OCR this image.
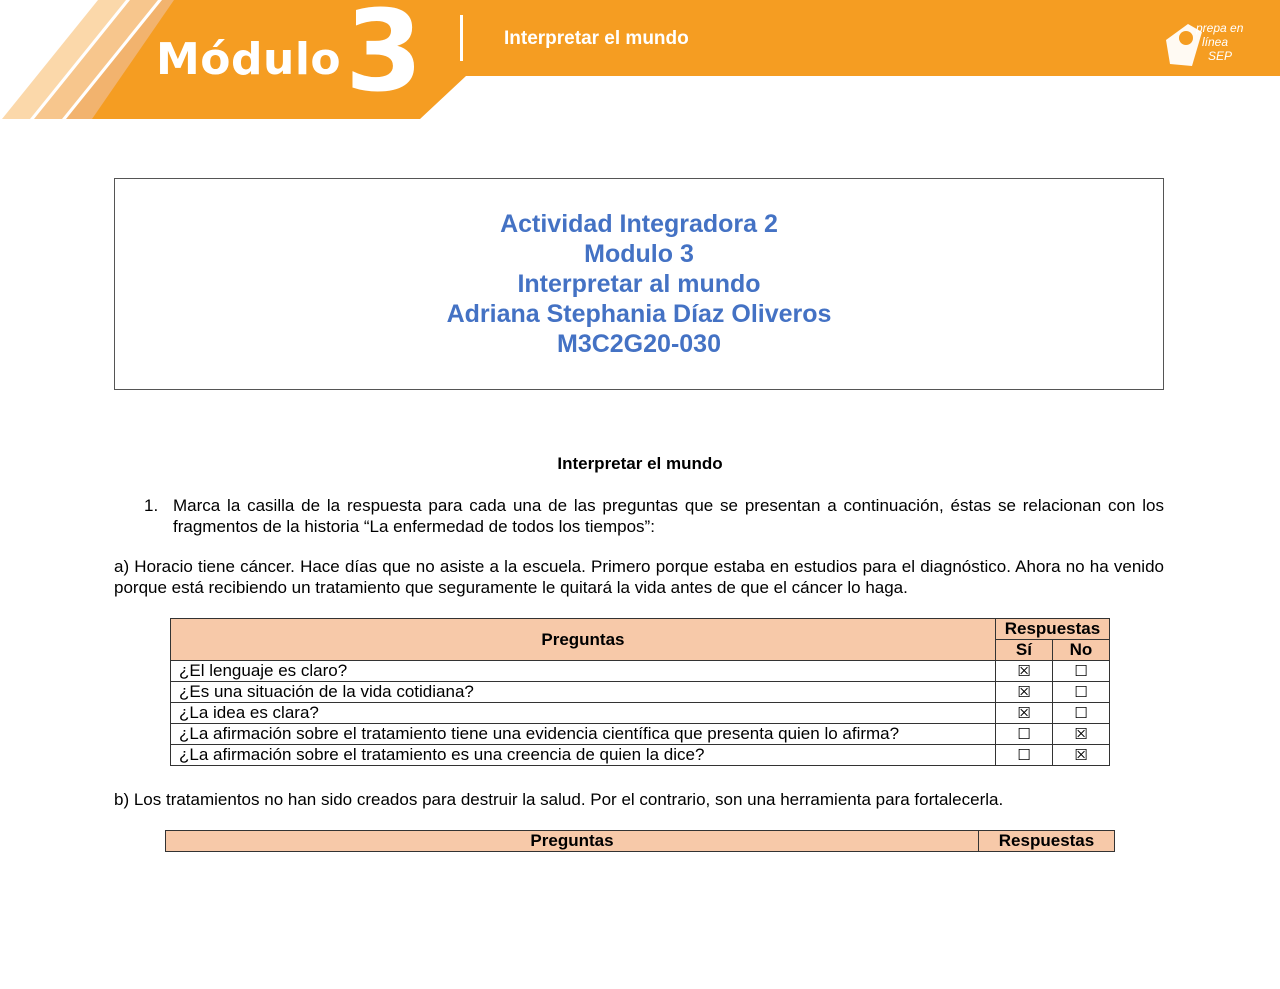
Módulo 3	Interpretar el mundo	prepa en
línea
SEP
Actividad Integradora 2
Modulo 3
Interpretar al mundo
Adriana Stephania Díaz Oliveros
M3C2G20-030
Interpretar el mundo
1. Marca la casilla de la respuesta para cada una de las preguntas que se presentan a continuación, éstas se relacionan con los fragmentos de la historia “La enfermedad de todos los tiempos”:
a) Horacio tiene cáncer. Hace días que no asiste a la escuela. Primero porque estaba en estudios para el diagnóstico. Ahora no ha venido porque está recibiendo un tratamiento que seguramente le quitará la vida antes de que el cáncer lo haga.
Preguntas	Respuestas	
	Sí	No
¿El lenguaje es claro?	☒	☐
¿Es una situación de la vida cotidiana?	☒	☐
¿La idea es clara?	☒	☐
¿La afirmación sobre el tratamiento tiene una evidencia científica que presenta quien lo afirma?	☐	☒
¿La afirmación sobre el tratamiento es una creencia de quien la dice?	☐	☒
b) Los tratamientos no han sido creados para destruir la salud. Por el contrario, son una herramienta para fortalecerla.
Preguntas	Respuestas
